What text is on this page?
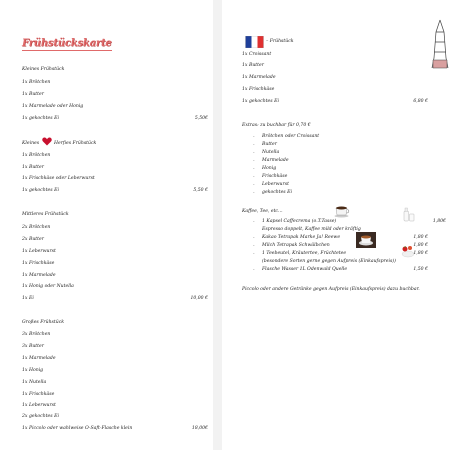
Frühstückskarte
Kleines Frühstück
1x Brötchen
1x Butter
1x Marmelade oder Honig
1x gekochtes Ei	5,50€
Kleines	Herfies Frühstück
1x Brötchen
1x Butter
1x Frischkäse oder Leberwurst
1x gekochtes Ei	5,50 €
Mittleres Frühstück
2x Brötchen
2x Butter
1x Leberwurst
1x Frischkäse
1x Marmelade
1x Honig oder Nutella
1x Ei	10,00 €
Großes Frühstück
3x Brötchen
3x Butter
1x Marmelade
1x Honig
1x Nutella
1x Frischkäse
1x Leberwurst
2x gekochtes Ei
1x Piccolo oder wahlweise O-Saft-Flasche klein	18,00€
– Frühstück
1x Croissant
1x Butter
1x Marmelade
1x Frischkäse
1x gekochtes Ei	6,80 €
Extras: zu buchbar für 0,70 €
- Brötchen oder Croissant
- Butter
- Nutella
- Marmelade
- Honig
- Frischkäse
- Leberwurst
- gekochtes Ei
Kaffee, Tee, etc…
- 1 Kapsel Caffecrema (o.T.Tasse)	1,80€
Espresso doppelt, Kaffee mild oder kräftig
- Kakao Tetrapak Marke Ja! Reewe	1,80 €
- Milch Tetrapak Schwälbchen	1,80 €
- 1 Teebeutel, Kräutertee, Früchtetee	1,80 €
(besondere Sorten gerne gegen Aufpreis (Einkaufspreis))
- Flasche Wasser 1L Odenwald Quelle	1,50 €
Piccolo oder andere Getränke gegen Aufpreis (Einkaufspreis) dazu buchbar.
